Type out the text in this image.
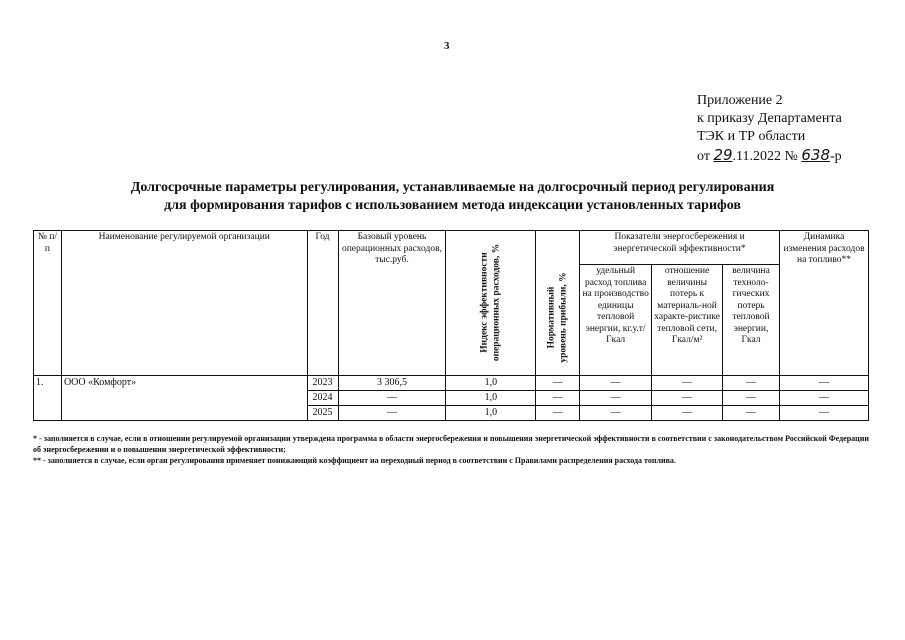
3
Приложение 2
к приказу Департамента
ТЭК и ТР области
от 29.11.2022 № 638-р
Долгосрочные параметры регулирования, устанавливаемые на долгосрочный период регулирования
для формирования тарифов с использованием метода индексации установленных тарифов
№ п/п	Наименование регулируемой организации	Год	Базовый уровень операционных расходов, тыс.руб.	Индекс эффективности операционных расходов, %	Нормативный уровень прибыли, %	Показатели энергосбережения и энергетической эффективности*			Динамика изменения расходов на топливо**
						удельный расход топлива на производство единицы тепловой энергии, кг.у.т/Гкал	отношение величины потерь к материаль-ной характе-ристике тепловой сети, Гкал/м²	величина техноло-гических потерь тепловой энергии, Гкал	
1.	ООО «Комфорт»	2023	3 306,5	1,0	—	—	—	—	—
		2024	—	1,0	—	—	—	—	—
		2025	—	1,0	—	—	—	—	—

* - заполняется в случае, если в отношении регулируемой организации утверждена программа в области энергосбережения и повышения энергетической эффективности в соответствии с законодательством Российской Федерации об энергосбережении и о повышении энергетической эффективности;

** - заполняется в случае, если орган регулирования применяет понижающий коэффициент на переходный период в соответствии с Правилами распределения расхода топлива.
